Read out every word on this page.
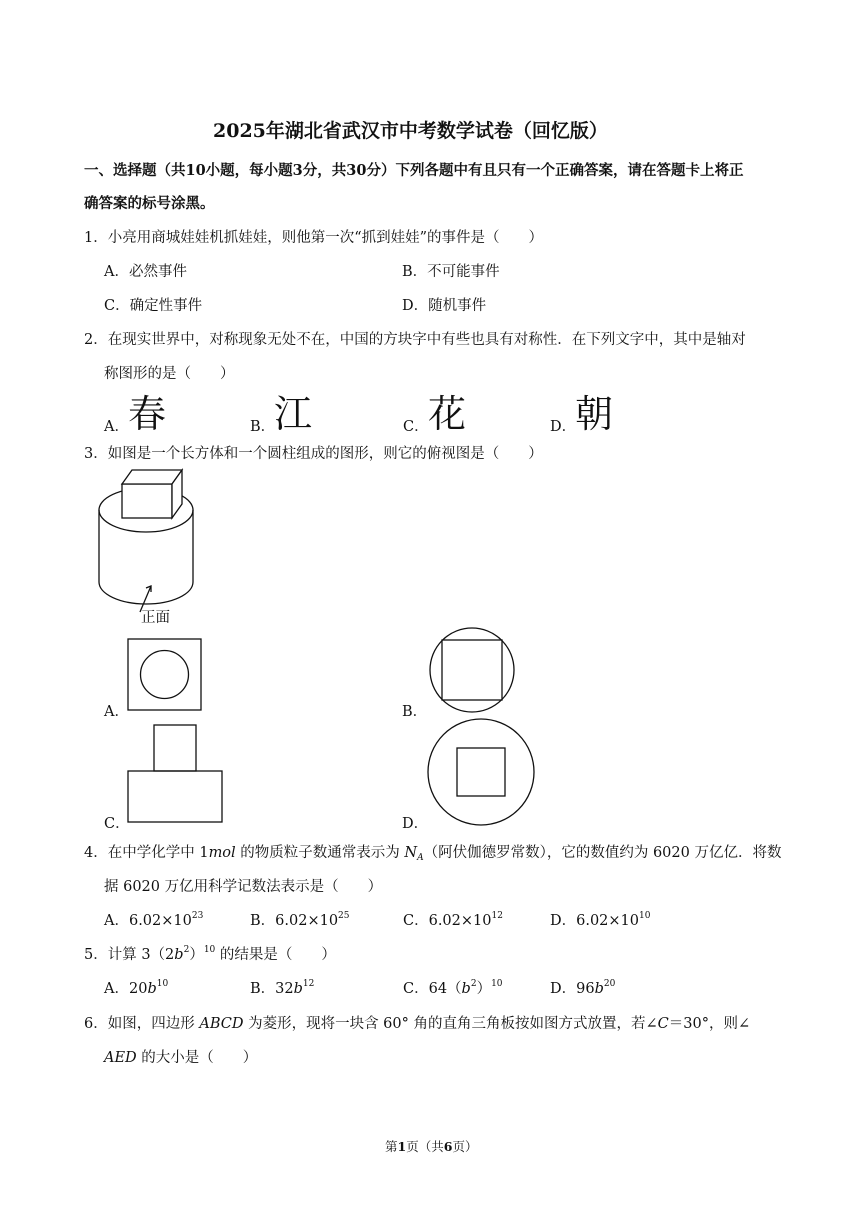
2025年湖北省武汉市中考数学试卷（回忆版）
一、选择题（共10小题，每小题3分，共30分）下列各题中有且只有一个正确答案，请在答题卡上将正
确答案的标号涂黑。
1．小亮用商城娃娃机抓娃娃，则他第一次“抓到娃娃”的事件是（　　）
A．必然事件	B．不可能事件
C．确定性事件	D．随机事件
2．在现实世界中，对称现象无处不在，中国的方块字中有些也具有对称性．在下列文字中，其中是轴对
称图形的是（　　）
A． 春	B．
江	C． 花	D．
朝
3．如图是一个长方体和一个圆柱组成的图形，则它的俯视图是（　　）
正面
A．	B．
C．	D．
4．在中学化学中 1mol 的物质粒子数通常表示为 $N_A$（阿伏伽德罗常数），它的数值约为 6020 万亿亿．将数
据 6020 万亿用科学记数法表示是（　　）
A．$6.02\times 10^{23}$	B．$6.02\times 10^{25}$	C．$6.02\times 10^{12}$	D．$6.02\times 10^{10}$
5．计算 $3(2b^2)^{10}$ 的结果是（　　）
A．$20b^{10}$	B．$32b^{12}$	C．$64(b^2)^{10}$	D．$96b^{20}$
6．如图，四边形 ABCD 为菱形，现将一块含 60° 角的直角三角板按如图方式放置，若∠C＝30°，则∠
AED 的大小是（　　）
第1页（共6页）
